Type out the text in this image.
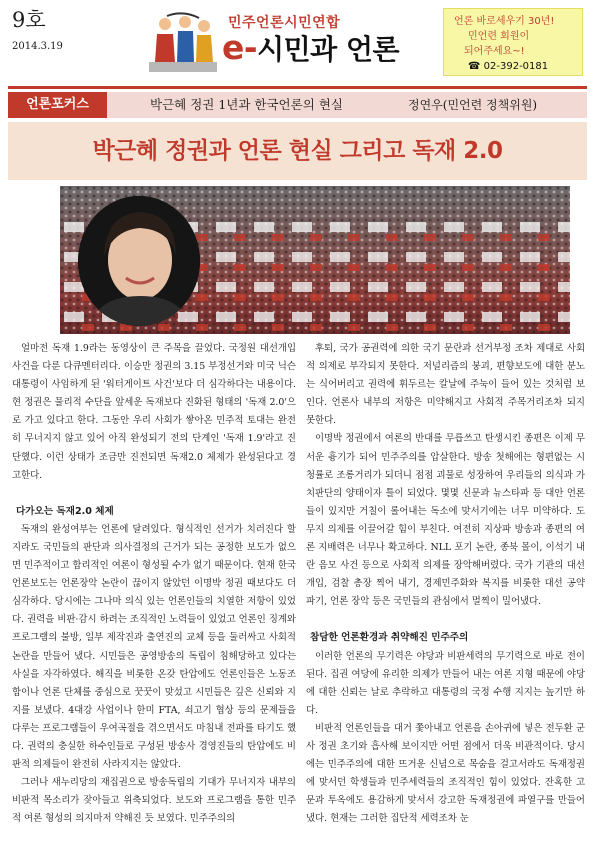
9호
2014.3.19
민주언론시민연합
e-시민과 언론
언론 바로세우기 30년!
민언련 회원이
되어주세요~!
☎ 02-392-0181
언론포커스	박근혜 정권 1년과 한국언론의 현실	정연우(민언련 정책위원)
박근혜 정권과 언론 현실 그리고 독재 2.0

얼마전 독재 1.9라는 동영상이 큰 주목을 끌었다. 국정원 대선개입 사건을 다룬 다큐멘터리다. 이승만 정권의 3.15 부정선거와 미국 닉슨 대통령이 사임하게 된 '워터게이트 사건'보다 더 심각하다는 내용이다. 현 정권은 물리적 수단을 앞세운 독재보다 진화된 형태의 '독재 2.0'으로 가고 있다고 한다. 그동안 우리 사회가 쌓아온 민주적 토대는 완전히 무너지지 않고 있어 아직 완성되기 전의 단계인 '독재 1.9'라고 진단했다. 이런 상태가 조금만 진전되면 독재2.0 체제가 완성된다고 경고한다.

다가오는 독재2.0 체제

독재의 완성여부는 언론에 달려있다. 형식적인 선거가 치러진다 할지라도 국민들의 판단과 의사결정의 근거가 되는 공정한 보도가 없으면 민주적이고 합리적인 여론이 형성될 수가 없기 때문이다. 현재 한국 언론보도는 언론장악 논란이 끊이지 않았던 이명박 정권 때보다도 더 심각하다. 당시에는 그나마 의식 있는 언론인들의 치열한 저항이 있었다. 권력을 비판·감시 하려는 조직적인 노력들이 있었고 언론인 징계와 프로그램의 불방, 일부 제작진과 출연진의 교체 등을 둘러싸고 사회적 논란을 만들어 냈다. 시민들은 공영방송의 독립이 침해당하고 있다는 사실을 자각하였다. 해직을 비롯한 온갖 탄압에도 언론인들은 노동조합이나 언론 단체를 중심으로 꿋꿋이 맞섰고 시민들은 깊은 신뢰와 지지를 보냈다. 4대강 사업이나 한미 FTA, 쇠고기 협상 등의 문제들을 다루는 프로그램들이 우여곡절을 겪으면서도 마침내 전파를 타기도 했다. 권력의 충실한 하수인들로 구성된 방송사 경영진들의 탄압에도 비판적 의제들이 완전히 사라지지는 않았다.

그러나 새누리당의 재집권으로 방송독립의 기대가 무너지자 내부의 비판적 목소리가 잦아들고 위축되었다. 보도와 프로그램을 통한 민주적 여론 형성의 의지마저 약해진 듯 보였다. 민주주의의

후퇴, 국가 공권력에 의한 국기 문란과 선거부정 조차 제대로 사회적 의제로 부각되지 못한다. 저널리즘의 붕괴, 편향보도에 대한 분노는 식어버리고 권력에 휘두르는 칼날에 주눅이 들어 있는 것처럼 보인다. 언론사 내부의 저항은 미약해지고 사회적 주목거리조차 되지 못한다.

이명박 정권에서 여론의 반대를 무릅쓰고 탄생시킨 종편은 이제 무서운 흉기가 되어 민주주의를 압살한다. 방송 첫해에는 형편없는 시청률로 조롱거리가 되더니 점점 괴물로 성장하여 우리들의 의식과 가치판단의 양태이자 틀이 되었다. 몇몇 신문과 뉴스타파 등 대안 언론들이 있지만 거칠이 롤어내는 독소에 맞서기에는 너무 미약하다. 도무지 의제를 이끌어갈 힘이 부친다. 여전히 지상파 방송과 종편의 여론 지배력은 너무나 확고하다. NLL 포기 논란, 종북 몰이, 이석기 내란 음모 사건 등으로 사회적 의제를 장악해버렸다. 국가 기관의 대선 개입, 검찰 총장 찍어 내기, 경제민주화와 복지를 비롯한 대선 공약 파기, 언론 장악 등은 국민들의 관심에서 멀찍이 밀어냈다.

참담한 언론환경과 취약해진 민주주의

이러한 언론의 무기력은 야당과 비판세력의 무기력으로 바로 전이된다. 집권 여당에 유리한 의제가 만들어 내는 여론 지형 때문에 야당에 대한 신뢰는 날로 추락하고 대통령의 국정 수행 지지는 높기만 하다.

비판적 언론인들을 대거 쫓아내고 언론을 손아귀에 넣은 전두환 군사 정권 초기와 흡사해 보이지만 어떤 점에서 더욱 비관적이다. 당시에는 민주주의에 대한 뜨거운 신념으로 목숨을 걸고서라도 독재정권에 맞서던 학생들과 민주세력들의 조직적인 힘이 있었다. 잔혹한 고문과 투옥에도 용감하게 맞서서 강고한 독재정권에 파열구를 만들어 냈다. 현재는 그러한 집단적 세력조차 눈
